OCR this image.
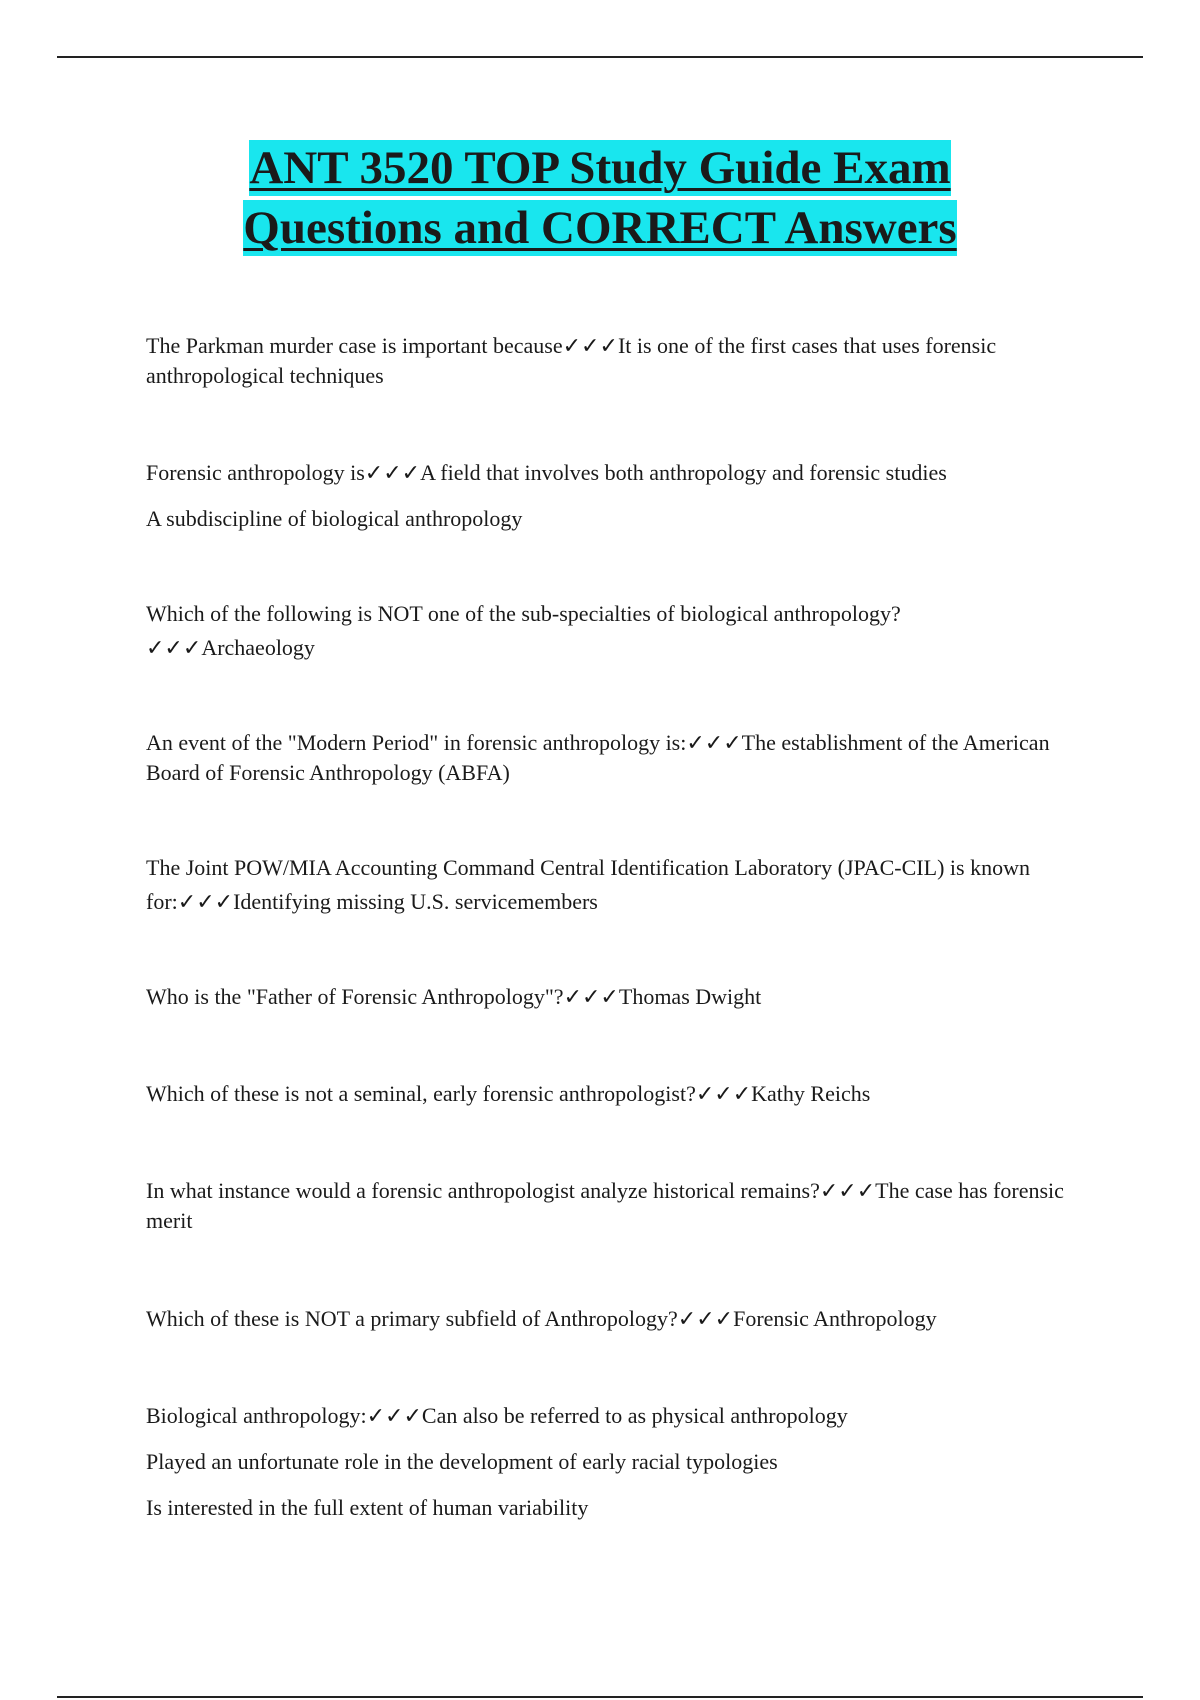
ANT 3520 TOP Study Guide Exam
Questions and CORRECT Answers

The Parkman murder case is important because✓✓✓It is one of the first cases that uses forensic anthropological techniques

Forensic anthropology is✓✓✓A field that involves both anthropology and forensic studies

A subdiscipline of biological anthropology

Which of the following is NOT one of the sub-specialties of biological anthropology?✓✓✓Archaeology

An event of the "Modern Period" in forensic anthropology is:✓✓✓The establishment of the American Board of Forensic Anthropology (ABFA)

The Joint POW/MIA Accounting Command Central Identification Laboratory (JPAC-CIL) is known for:✓✓✓Identifying missing U.S. servicemembers

Who is the "Father of Forensic Anthropology"?✓✓✓Thomas Dwight

Which of these is not a seminal, early forensic anthropologist?✓✓✓Kathy Reichs

In what instance would a forensic anthropologist analyze historical remains?✓✓✓The case has forensic merit

Which of these is NOT a primary subfield of Anthropology?✓✓✓Forensic Anthropology

Biological anthropology:✓✓✓Can also be referred to as physical anthropology

Played an unfortunate role in the development of early racial typologies

Is interested in the full extent of human variability
